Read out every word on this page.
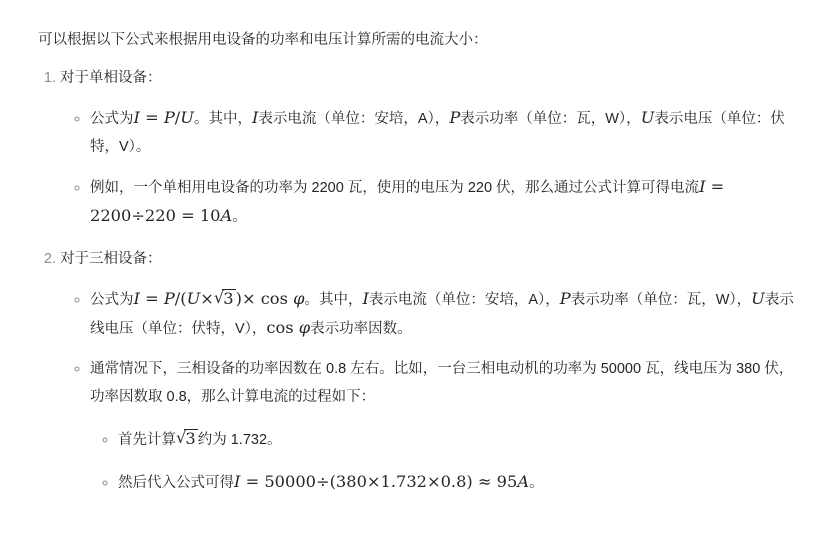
可以根据以下公式来根据用电设备的功率和电压计算所需的电流大小：

1. 对于单相设备：

◦ 公式为I = P/U。其中，I表示电流（单位：安培，A），P表示功率（单位：瓦，W），U表示电压（单位：伏特，V）。

◦ 例如，一个单相用电设备的功率为 2200 瓦，使用的电压为 220 伏，那么通过公式计算可得电流I = 2200÷220 = 10A。

2. 对于三相设备：

◦ 公式为I = P/(U×√3 )× cos φ。其中，I表示电流（单位：安培，A），P表示功率（单位：瓦，W），U表示线电压（单位：伏特，V），cos φ表示功率因数。

◦ 通常情况下，三相设备的功率因数在 0.8 左右。比如，一台三相电动机的功率为 50000 瓦，线电压为 380 伏，功率因数取 0.8，那么计算电流的过程如下：

◦ 首先计算√3 约为 1.732。

◦ 然后代入公式可得I = 50000÷(380×1.732×0.8) ≈ 95A。
